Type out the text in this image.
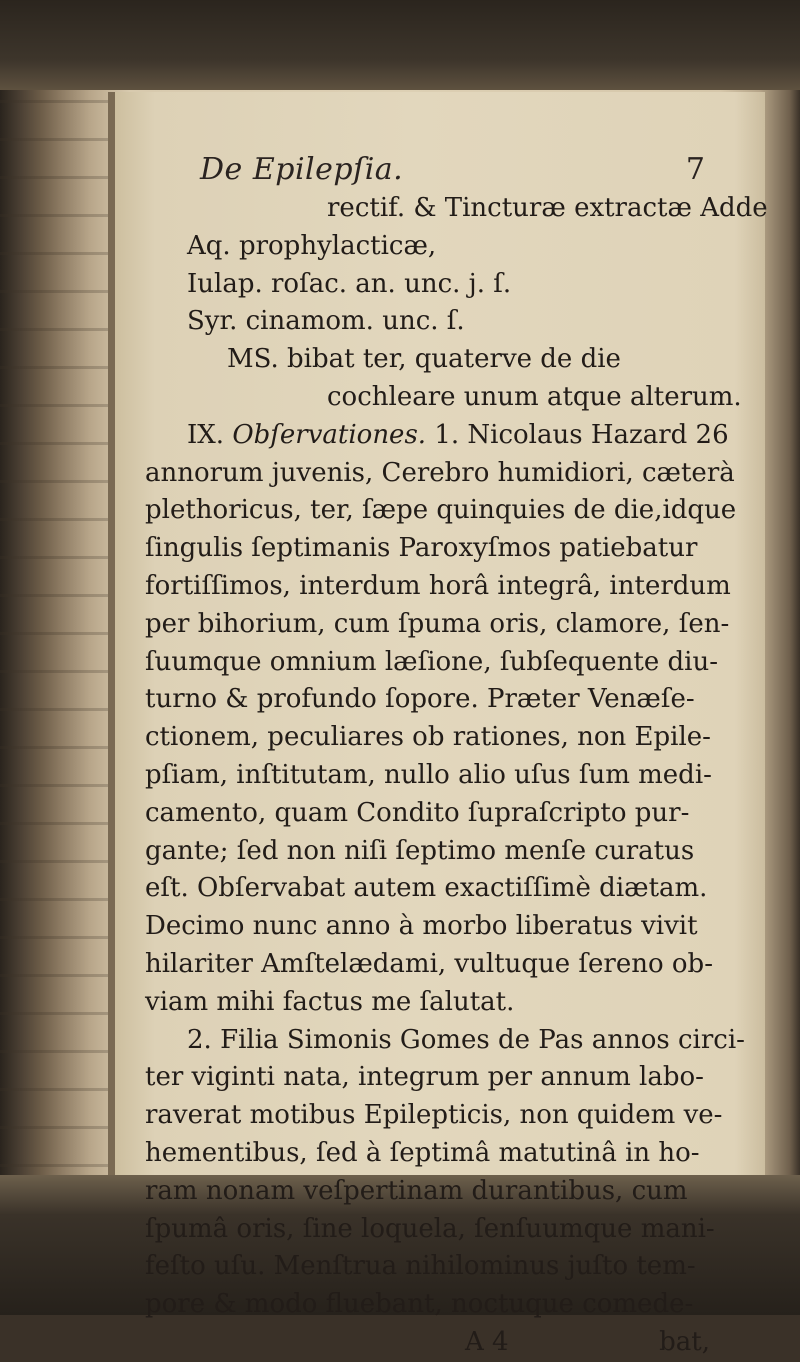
De Epilepſia.	7
rectif. & Tincturæ extractæ Adde
Aq. prophylacticæ,
Iulap. roſac. an. unc. j. ſ.
Syr. cinamom. unc. ſ.
MS. bibat ter, quaterve de die
cochleare unum atque alterum.
IX. Obſervationes. 1. Nicolaus Hazard 26
annorum juvenis, Cerebro humidiori, cæterà
plethoricus, ter, ſæpe quinquies de die,idque
ſingulis ſeptimanis Paroxyſmos patiebatur
fortiſſimos, interdum horâ integrâ, interdum
per bihorium, cum ſpuma oris, clamore, ſen-
ſuumque omnium læſione, ſubſequente diu-
turno & profundo ſopore. Præter Venæſe-
ctionem, peculiares ob rationes, non Epile-
pſiam, inſtitutam, nullo alio uſus ſum medi-
camento, quam Condito ſupraſcripto pur-
gante; ſed non niſi ſeptimo menſe curatus
eſt. Obſervabat autem exactiſſimè diætam.
Decimo nunc anno à morbo liberatus vivit
hilariter Amſtelædami, vultuque ſereno ob-
viam mihi factus me ſalutat.
2. Filia Simonis Gomes de Pas annos circi-
ter viginti nata, integrum per annum labo-
raverat motibus Epilepticis, non quidem ve-
hementibus, ſed à ſeptimâ matutinâ in ho-
ram nonam veſpertinam durantibus, cum
ſpumâ oris, ſine loquela, ſenſuumque mani-
feſto uſu. Menſtrua nihilominus juſto tem-
pore & modo fluebant, noctuque comede-
A 4	bat,
